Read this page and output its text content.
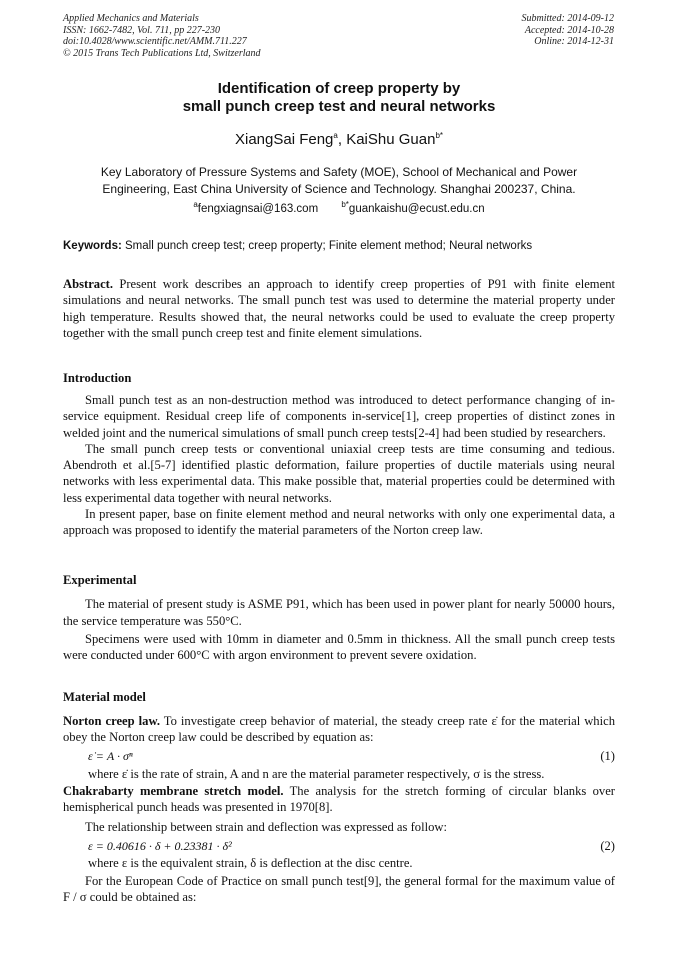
Applied Mechanics and Materials
ISSN: 1662-7482, Vol. 711, pp 227-230
doi:10.4028/www.scientific.net/AMM.711.227
© 2015 Trans Tech Publications Ltd, Switzerland
Submitted: 2014-09-12
Accepted: 2014-10-28
Online: 2014-12-31
Identification of creep property by
small punch creep test and neural networks
XiangSai Feng$^a$, KaiShu Guan$^{b*}$
Key Laboratory of Pressure Systems and Safety (MOE), School of Mechanical and Power
Engineering, East China University of Science and Technology. Shanghai 200237, China.
$^a$fengxiagnsai@163.com	$^{b*}$guankaishu@ecust.edu.cn
Keywords: Small punch creep test; creep property; Finite element method; Neural networks

Abstract. Present work describes an approach to identify creep properties of P91 with finite element simulations and neural networks. The small punch test was used to determine the material property under high temperature. Results showed that, the neural networks could be used to evaluate the creep property together with the small punch creep test and finite element simulations.

Introduction

Small punch test as an non-destruction method was introduced to detect performance changing of in-service equipment. Residual creep life of components in-service[1], creep properties of distinct zones in welded joint and the numerical simulations of small punch creep tests[2-4] had been studied by researchers.

The small punch creep tests or conventional uniaxial creep tests are time consuming and tedious. Abendroth et al.[5-7] identified plastic deformation, failure properties of ductile materials using neural networks with less experimental data. This make possible that, material properties could be determined with less experimental data together with neural networks.

In present paper, base on finite element method and neural networks with only one experimental data, a approach was proposed to identify the material parameters of the Norton creep law.

Experimental

The material of present study is ASME P91, which has been used in power plant for nearly 50000 hours, the service temperature was 550°C.

Specimens were used with 10mm in diameter and 0.5mm in thickness. All the small punch creep tests were conducted under 600°C with argon environment to prevent severe oxidation.

Material model

Norton creep law. To investigate creep behavior of material, the steady creep rate ε̇ for the material which obey the Norton creep law could be described by equation as:

ε̇ = A · σⁿ	(1)
where ε̇ is the rate of strain, A and n are the material parameter respectively, σ is the stress.

Chakrabarty membrane stretch model. The analysis for the stretch forming of circular blanks over hemispherical punch heads was presented in 1970[8].

The relationship between strain and deflection was expressed as follow:

ε = 0.40616 · δ + 0.23381 · δ²	(2)
where ε is the equivalent strain, δ is deflection at the disc centre.

For the European Code of Practice on small punch test[9], the general formal for the maximum value of F / σ could be obtained as:
